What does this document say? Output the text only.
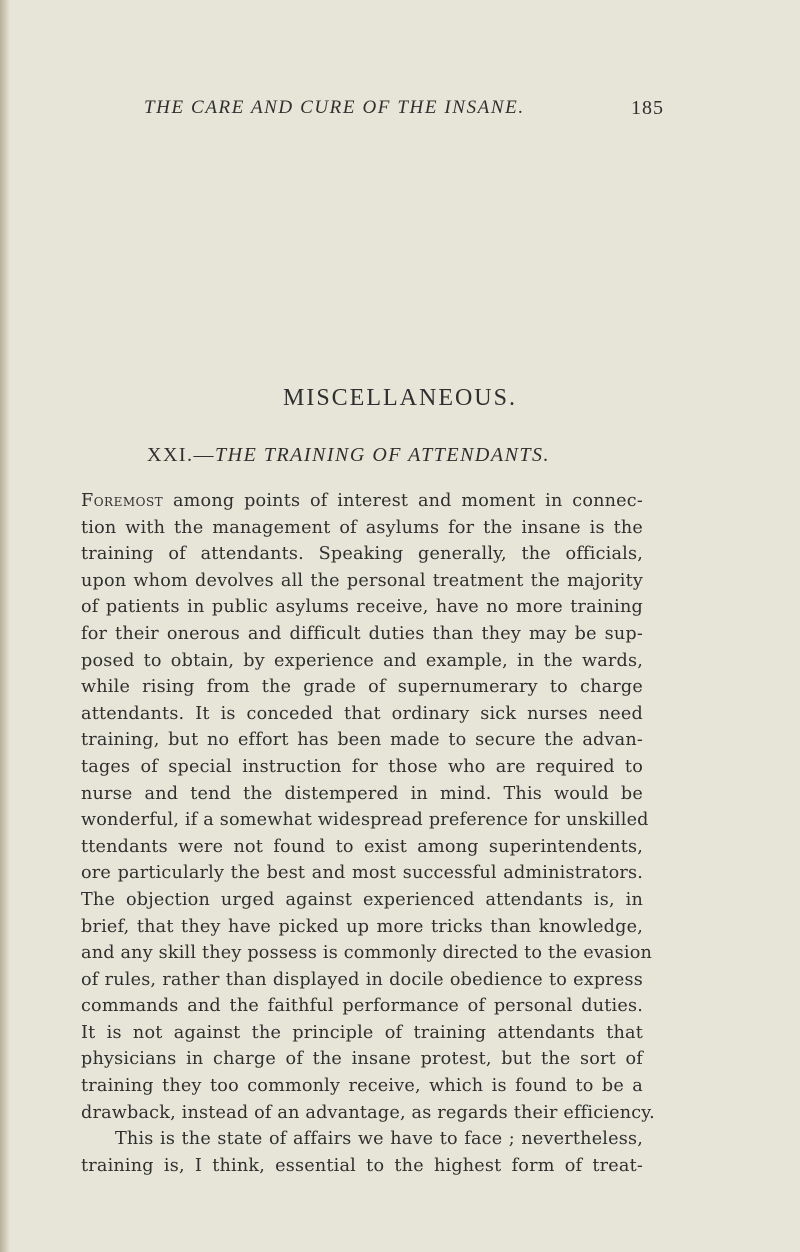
THE CARE AND CURE OF THE INSANE.	185
MISCELLANEOUS.
XXI.—THE TRAINING OF ATTENDANTS.
Foremost among points of interest and moment in connec-
tion with the management of asylums for the insane is the
training of attendants. Speaking generally, the officials,
upon whom devolves all the personal treatment the majority
of patients in public asylums receive, have no more training
for their onerous and difficult duties than they may be sup-
posed to obtain, by experience and example, in the wards,
while rising from the grade of supernumerary to charge
attendants. It is conceded that ordinary sick nurses need
training, but no effort has been made to secure the advan-
tages of special instruction for those who are required to
nurse and tend the distempered in mind. This would be
wonderful, if a somewhat widespread preference for unskilled
ttendants were not found to exist among superintendents,
ore particularly the best and most successful administrators.
The objection urged against experienced attendants is, in
brief, that they have picked up more tricks than knowledge,
and any skill they possess is commonly directed to the evasion
of rules, rather than displayed in docile obedience to express
commands and the faithful performance of personal duties.
It is not against the principle of training attendants that
physicians in charge of the insane protest, but the sort of
training they too commonly receive, which is found to be a
drawback, instead of an advantage, as regards their efficiency.
This is the state of affairs we have to face ; nevertheless,
training is, I think, essential to the highest form of treat-
